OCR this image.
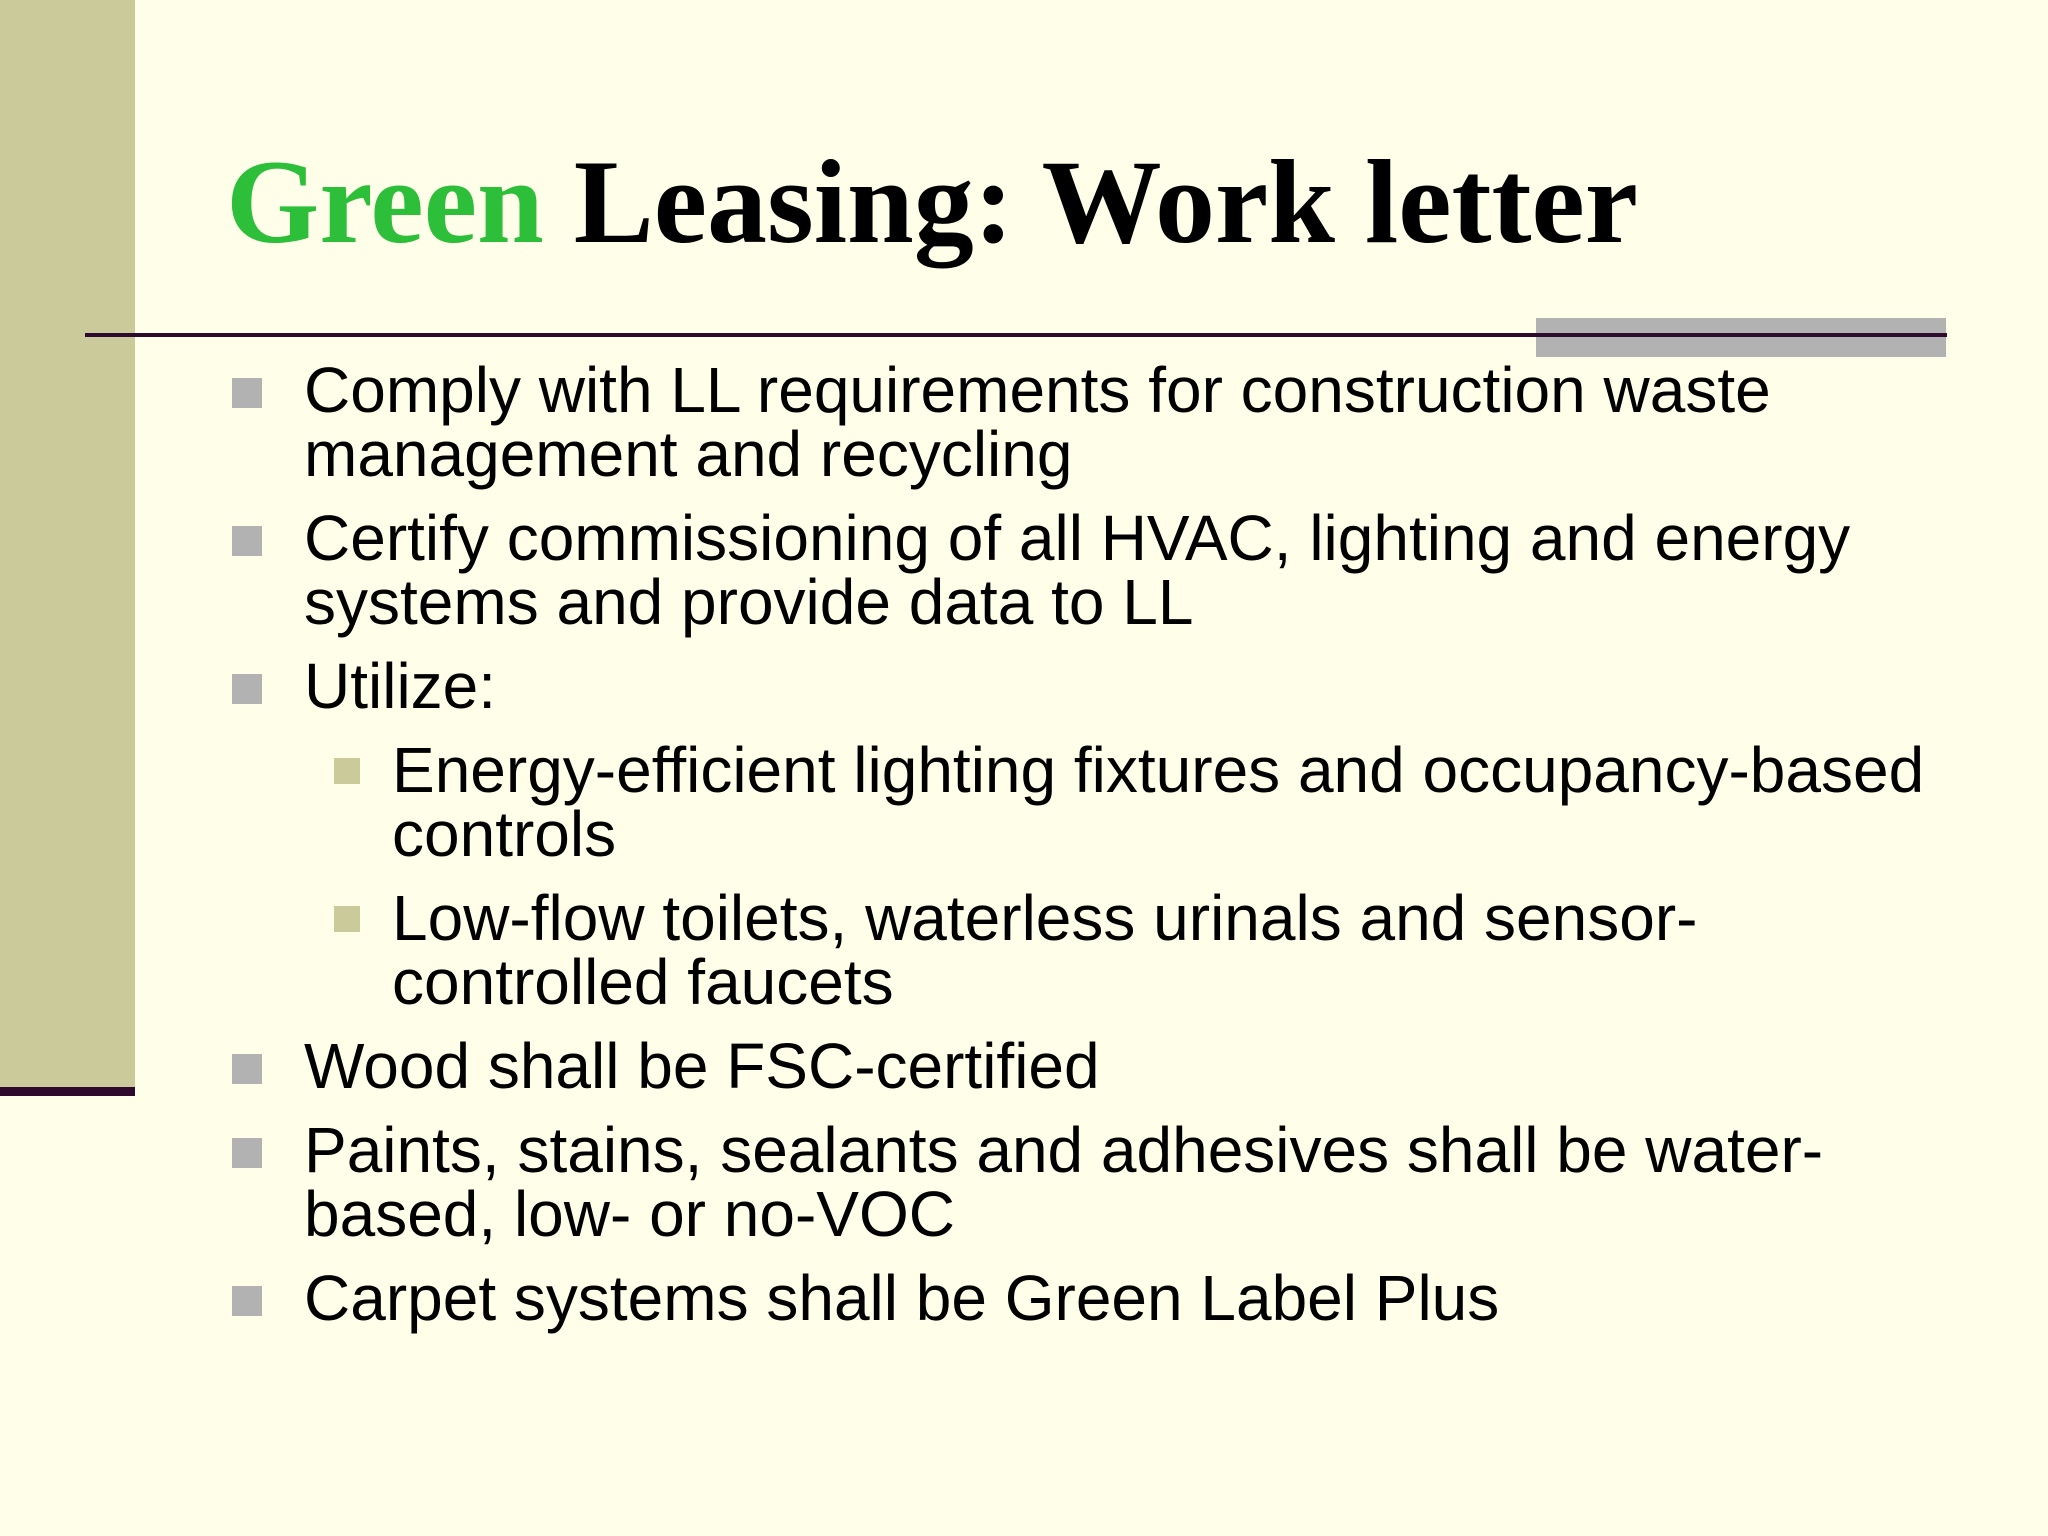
Green Leasing: Work letter
Comply with LL requirements for construction waste management and recycling
Certify commissioning of all HVAC, lighting and energy systems and provide data to LL
Utilize:
Energy-efficient lighting fixtures and occupancy-based controls
Low-flow toilets, waterless urinals and sensor-controlled faucets
Wood shall be FSC-certified
Paints, stains, sealants and adhesives shall be water-based, low- or no-VOC
Carpet systems shall be Green Label Plus
